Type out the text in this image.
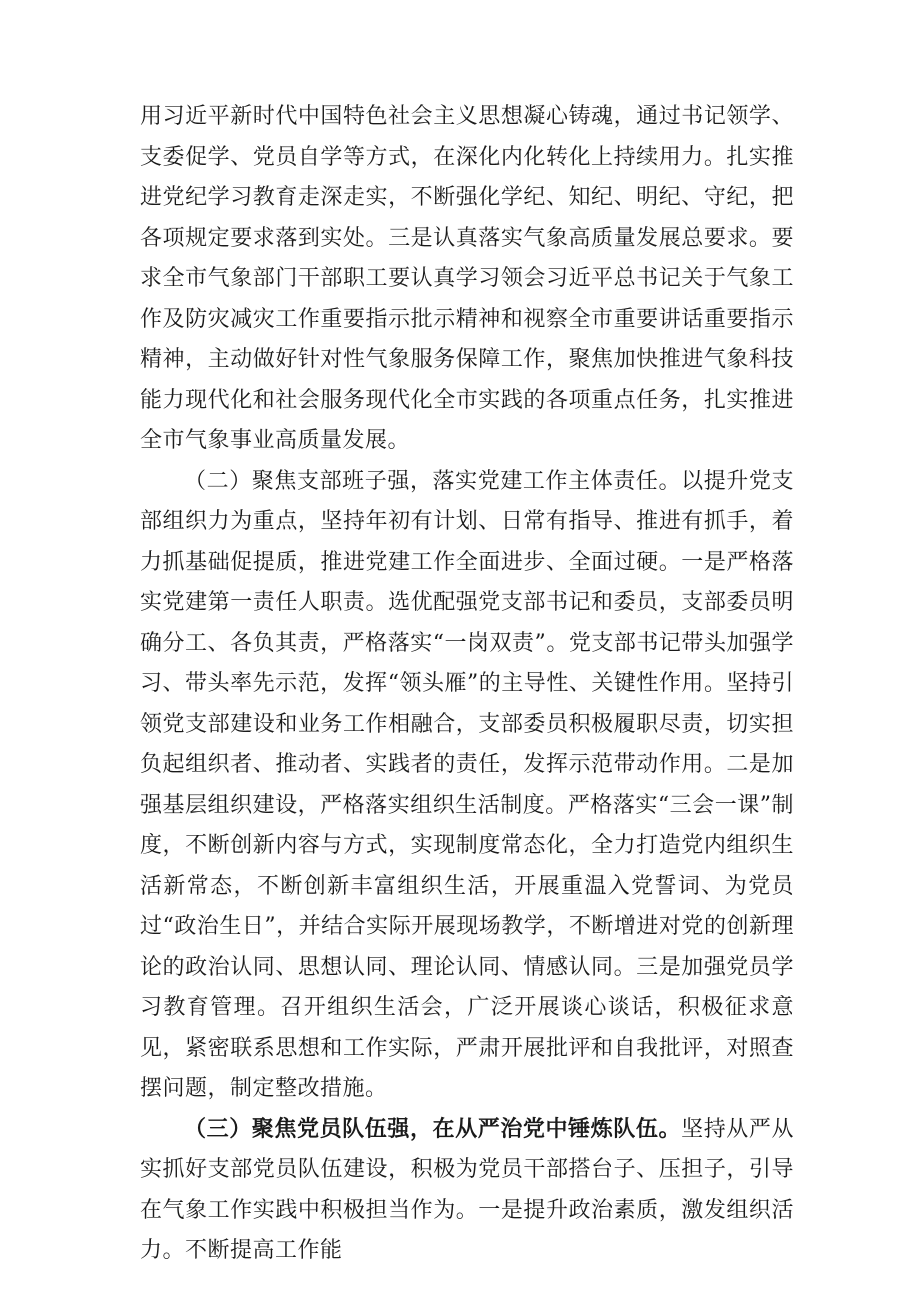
用习近平新时代中国特色社会主义思想凝心铸魂，通过书记领学、支委促学、党员自学等方式，在深化内化转化上持续用力。扎实推进党纪学习教育走深走实，不断强化学纪、知纪、明纪、守纪，把各项规定要求落到实处。三是认真落实气象高质量发展总要求。要求全市气象部门干部职工要认真学习领会习近平总书记关于气象工作及防灾减灾工作重要指示批示精神和视察全市重要讲话重要指示精神，主动做好针对性气象服务保障工作，聚焦加快推进气象科技能力现代化和社会服务现代化全市实践的各项重点任务，扎实推进全市气象事业高质量发展。

（二）聚焦支部班子强，落实党建工作主体责任。以提升党支部组织力为重点，坚持年初有计划、日常有指导、推进有抓手，着力抓基础促提质，推进党建工作全面进步、全面过硬。一是严格落实党建第一责任人职责。选优配强党支部书记和委员，支部委员明确分工、各负其责，严格落实“一岗双责”。党支部书记带头加强学习、带头率先示范，发挥“领头雁”的主导性、关键性作用。坚持引领党支部建设和业务工作相融合，支部委员积极履职尽责，切实担负起组织者、推动者、实践者的责任，发挥示范带动作用。二是加强基层组织建设，严格落实组织生活制度。严格落实“三会一课”制度，不断创新内容与方式，实现制度常态化，全力打造党内组织生活新常态，不断创新丰富组织生活，开展重温入党誓词、为党员过“政治生日”，并结合实际开展现场教学，不断增进对党的创新理论的政治认同、思想认同、理论认同、情感认同。三是加强党员学习教育管理。召开组织生活会，广泛开展谈心谈话，积极征求意见，紧密联系思想和工作实际，严肃开展批评和自我批评，对照查摆问题，制定整改措施。

（三）聚焦党员队伍强，在从严治党中锤炼队伍。坚持从严从实抓好支部党员队伍建设，积极为党员干部搭台子、压担子，引导在气象工作实践中积极担当作为。一是提升政治素质，激发组织活力。不断提高工作能
